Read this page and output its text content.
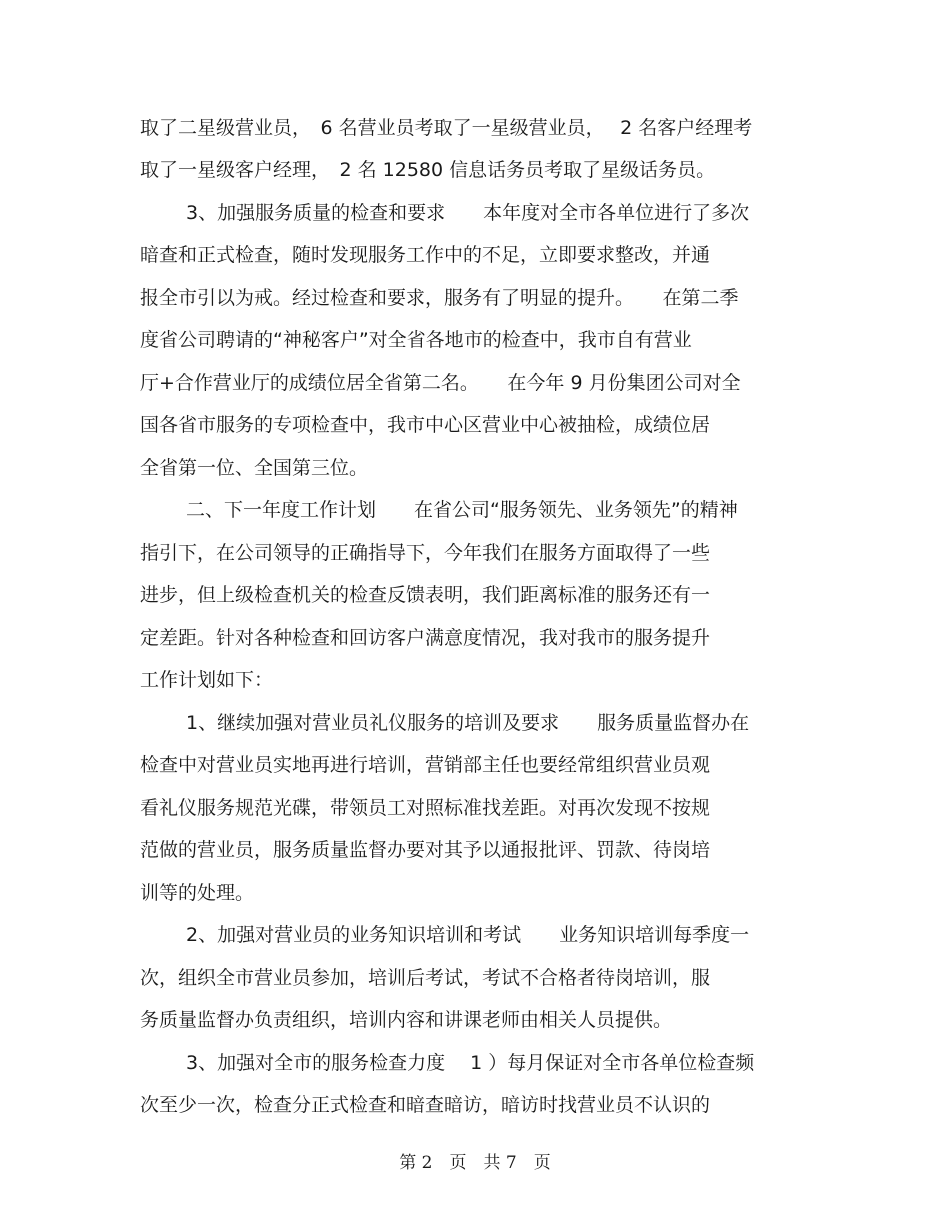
取了二星级营业员，　6 名营业员考取了一星级营业员，　 2 名客户经理考
取了一星级客户经理，　2 名 12580 信息话务员考取了星级话务员。
3、加强服务质量的检查和要求　　本年度对全市各单位进行了多次
暗查和正式检查，随时发现服务工作中的不足，立即要求整改，并通
报全市引以为戒。经过检查和要求，服务有了明显的提升。　　在第二季
度省公司聘请的“神秘客户”对全省各地市的检查中，我市自有营业
厅+合作营业厅的成绩位居全省第二名。　　在今年 9 月份集团公司对全
国各省市服务的专项检查中，我市中心区营业中心被抽检，成绩位居
全省第一位、全国第三位。
二、下一年度工作计划　　在省公司“服务领先、业务领先”的精神
指引下，在公司领导的正确指导下，今年我们在服务方面取得了一些
进步，但上级检查机关的检查反馈表明，我们距离标准的服务还有一
定差距。针对各种检查和回访客户满意度情况，我对我市的服务提升
工作计划如下：
1、继续加强对营业员礼仪服务的培训及要求　　服务质量监督办在
检查中对营业员实地再进行培训，营销部主任也要经常组织营业员观
看礼仪服务规范光碟，带领员工对照标准找差距。对再次发现不按规
范做的营业员，服务质量监督办要对其予以通报批评、罚款、待岗培
训等的处理。
2、加强对营业员的业务知识培训和考试　　业务知识培训每季度一
次，组织全市营业员参加，培训后考试，考试不合格者待岗培训，服
务质量监督办负责组织，培训内容和讲课老师由相关人员提供。
3、加强对全市的服务检查力度　 1 ）每月保证对全市各单位检查频
次至少一次，检查分正式检查和暗查暗访，暗访时找营业员不认识的
第 2　页　共 7　页
